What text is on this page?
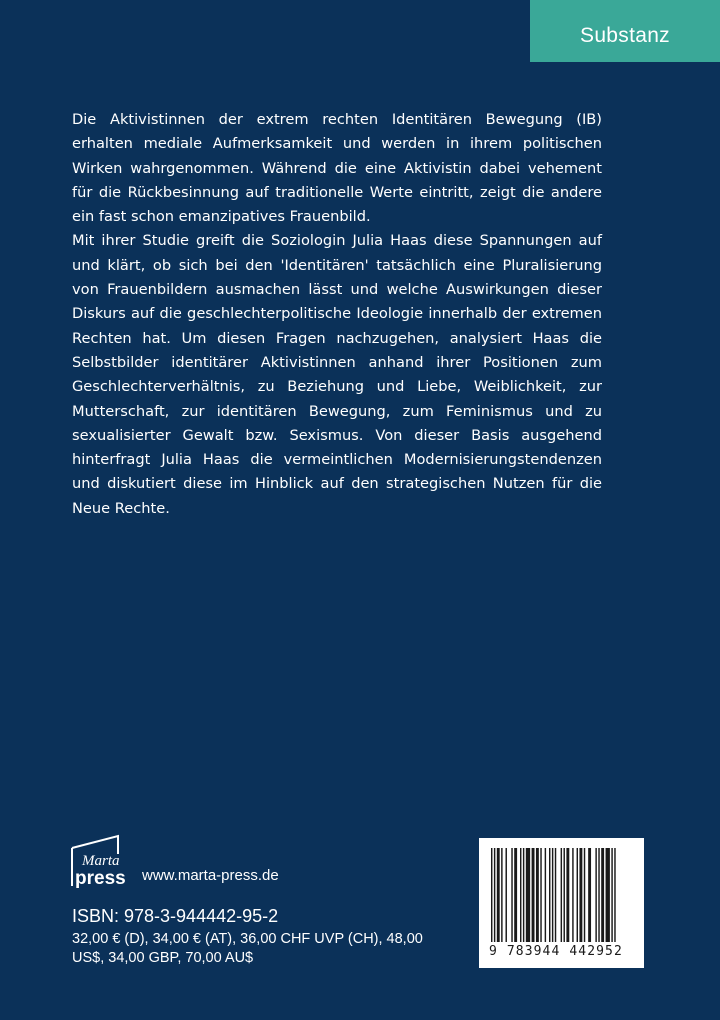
Substanz

Die Aktivistinnen der extrem rechten Identitären Bewegung (IB) erhalten mediale Aufmerksamkeit und werden in ihrem politischen Wirken wahrgenommen. Während die eine Aktivistin dabei vehement für die Rückbesinnung auf traditionelle Werte eintritt, zeigt die andere ein fast schon emanzipatives Frauenbild.

Mit ihrer Studie greift die Soziologin Julia Haas diese Spannungen auf und klärt, ob sich bei den 'Identitären' tatsächlich eine Pluralisierung von Frauenbildern ausmachen lässt und welche Auswirkungen dieser Diskurs auf die geschlechterpolitische Ideologie innerhalb der extremen Rechten hat. Um diesen Fragen nachzugehen, analysiert Haas die Selbstbilder identitärer Aktivistinnen anhand ihrer Positionen zum Geschlechterverhältnis, zu Beziehung und Liebe, Weiblichkeit, zur Mutterschaft, zur identitären Bewegung, zum Feminismus und zu sexualisierter Gewalt bzw. Sexismus. Von dieser Basis ausgehend hinterfragt Julia Haas die vermeintlichen Modernisierungstendenzen und diskutiert diese im Hinblick auf den strategischen Nutzen für die Neue Rechte.

Marta
press www.marta-press.de
ISBN: 978-3-944442-95-2
32,00 € (D), 34,00 € (AT), 36,00 CHF UVP (CH), 48,00 US$, 34,00 GBP, 70,00 AU$	9 783944 442952
